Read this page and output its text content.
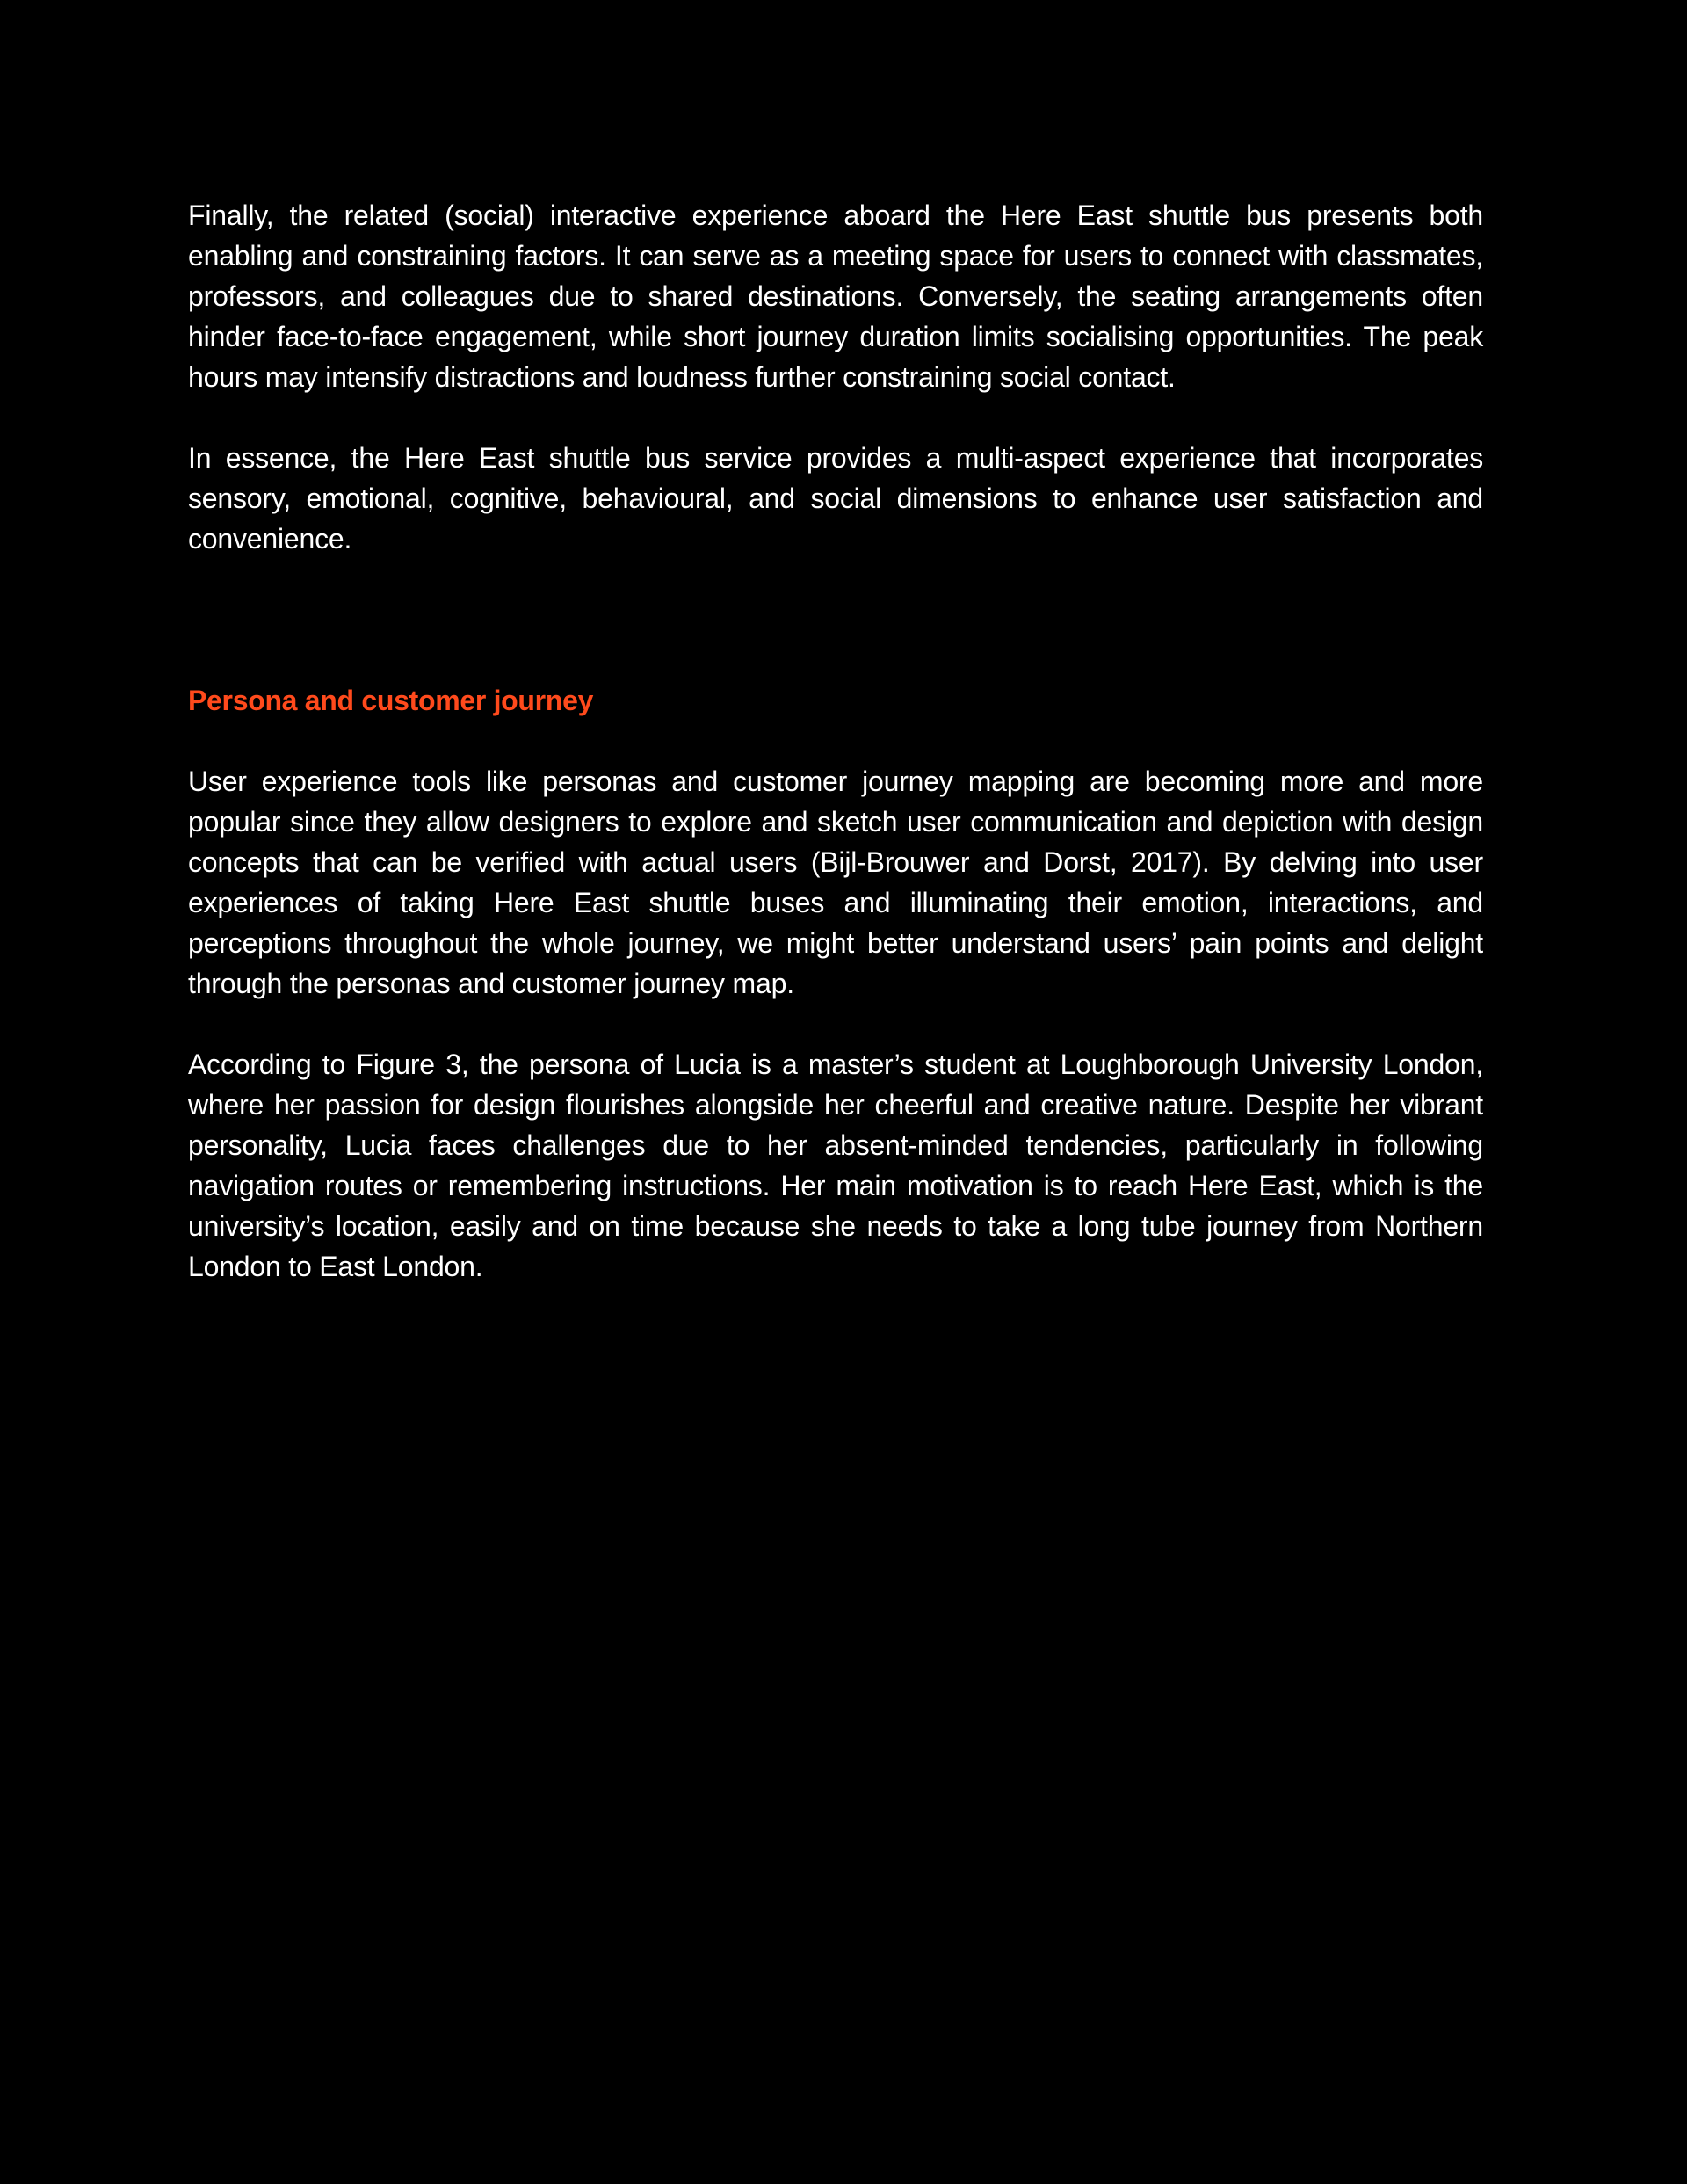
Finally, the related (social) interactive experience aboard the Here East shuttle bus presents both enabling and constraining factors. It can serve as a meeting space for users to connect with classmates, professors, and colleagues due to shared destinations. Conversely, the seating arrangements often hinder face-to-face engagement, while short journey duration limits socialising opportunities. The peak hours may intensify distractions and loudness further constraining social contact.

In essence, the Here East shuttle bus service provides a multi-aspect experience that incorporates sensory, emotional, cognitive, behavioural, and social dimensions to enhance user satisfaction and convenience.

Persona and customer journey

User experience tools like personas and customer journey mapping are becoming more and more popular since they allow designers to explore and sketch user communication and depiction with design concepts that can be verified with actual users (Bijl-Brouwer and Dorst, 2017). By delving into user experiences of taking Here East shuttle buses and illuminating their emotion, interactions, and perceptions throughout the whole journey, we might better understand users’ pain points and delight through the personas and customer journey map.

According to Figure 3, the persona of Lucia is a master’s student at Loughborough University London, where her passion for design flourishes alongside her cheerful and creative nature. Despite her vibrant personality, Lucia faces challenges due to her absent-minded tendencies, particularly in following navigation routes or remembering instructions. Her main motivation is to reach Here East, which is the university’s location, easily and on time because she needs to take a long tube journey from Northern London to East London.
